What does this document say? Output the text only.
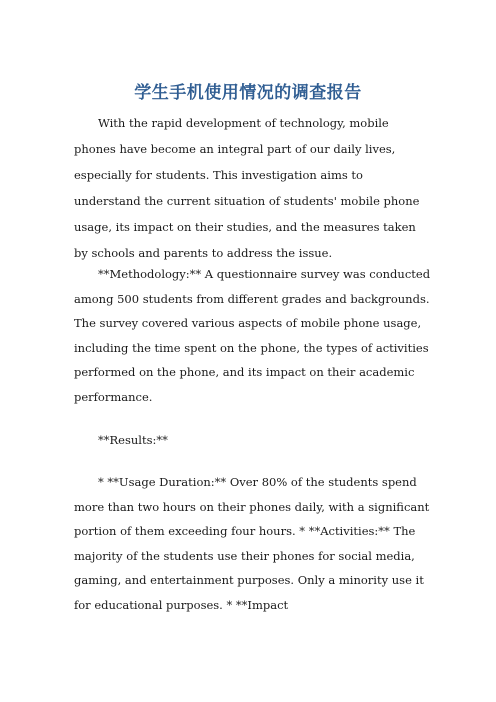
学生手机使用情况的调查报告

With the rapid development of technology, mobile phones have become an integral part of our daily lives, especially for students. This investigation aims to understand the current situation of students' mobile phone usage, its impact on their studies, and the measures taken by schools and parents to address the issue.

**Methodology:** A questionnaire survey was conducted among 500 students from different grades and backgrounds. The survey covered various aspects of mobile phone usage, including the time spent on the phone, the types of activities performed on the phone, and its impact on their academic performance.

**Results:**

* **Usage Duration:** Over 80% of the students spend more than two hours on their phones daily, with a significant portion of them exceeding four hours. * **Activities:** The majority of the students use their phones for social media, gaming, and entertainment purposes. Only a minority use it for educational purposes. * **Impact
